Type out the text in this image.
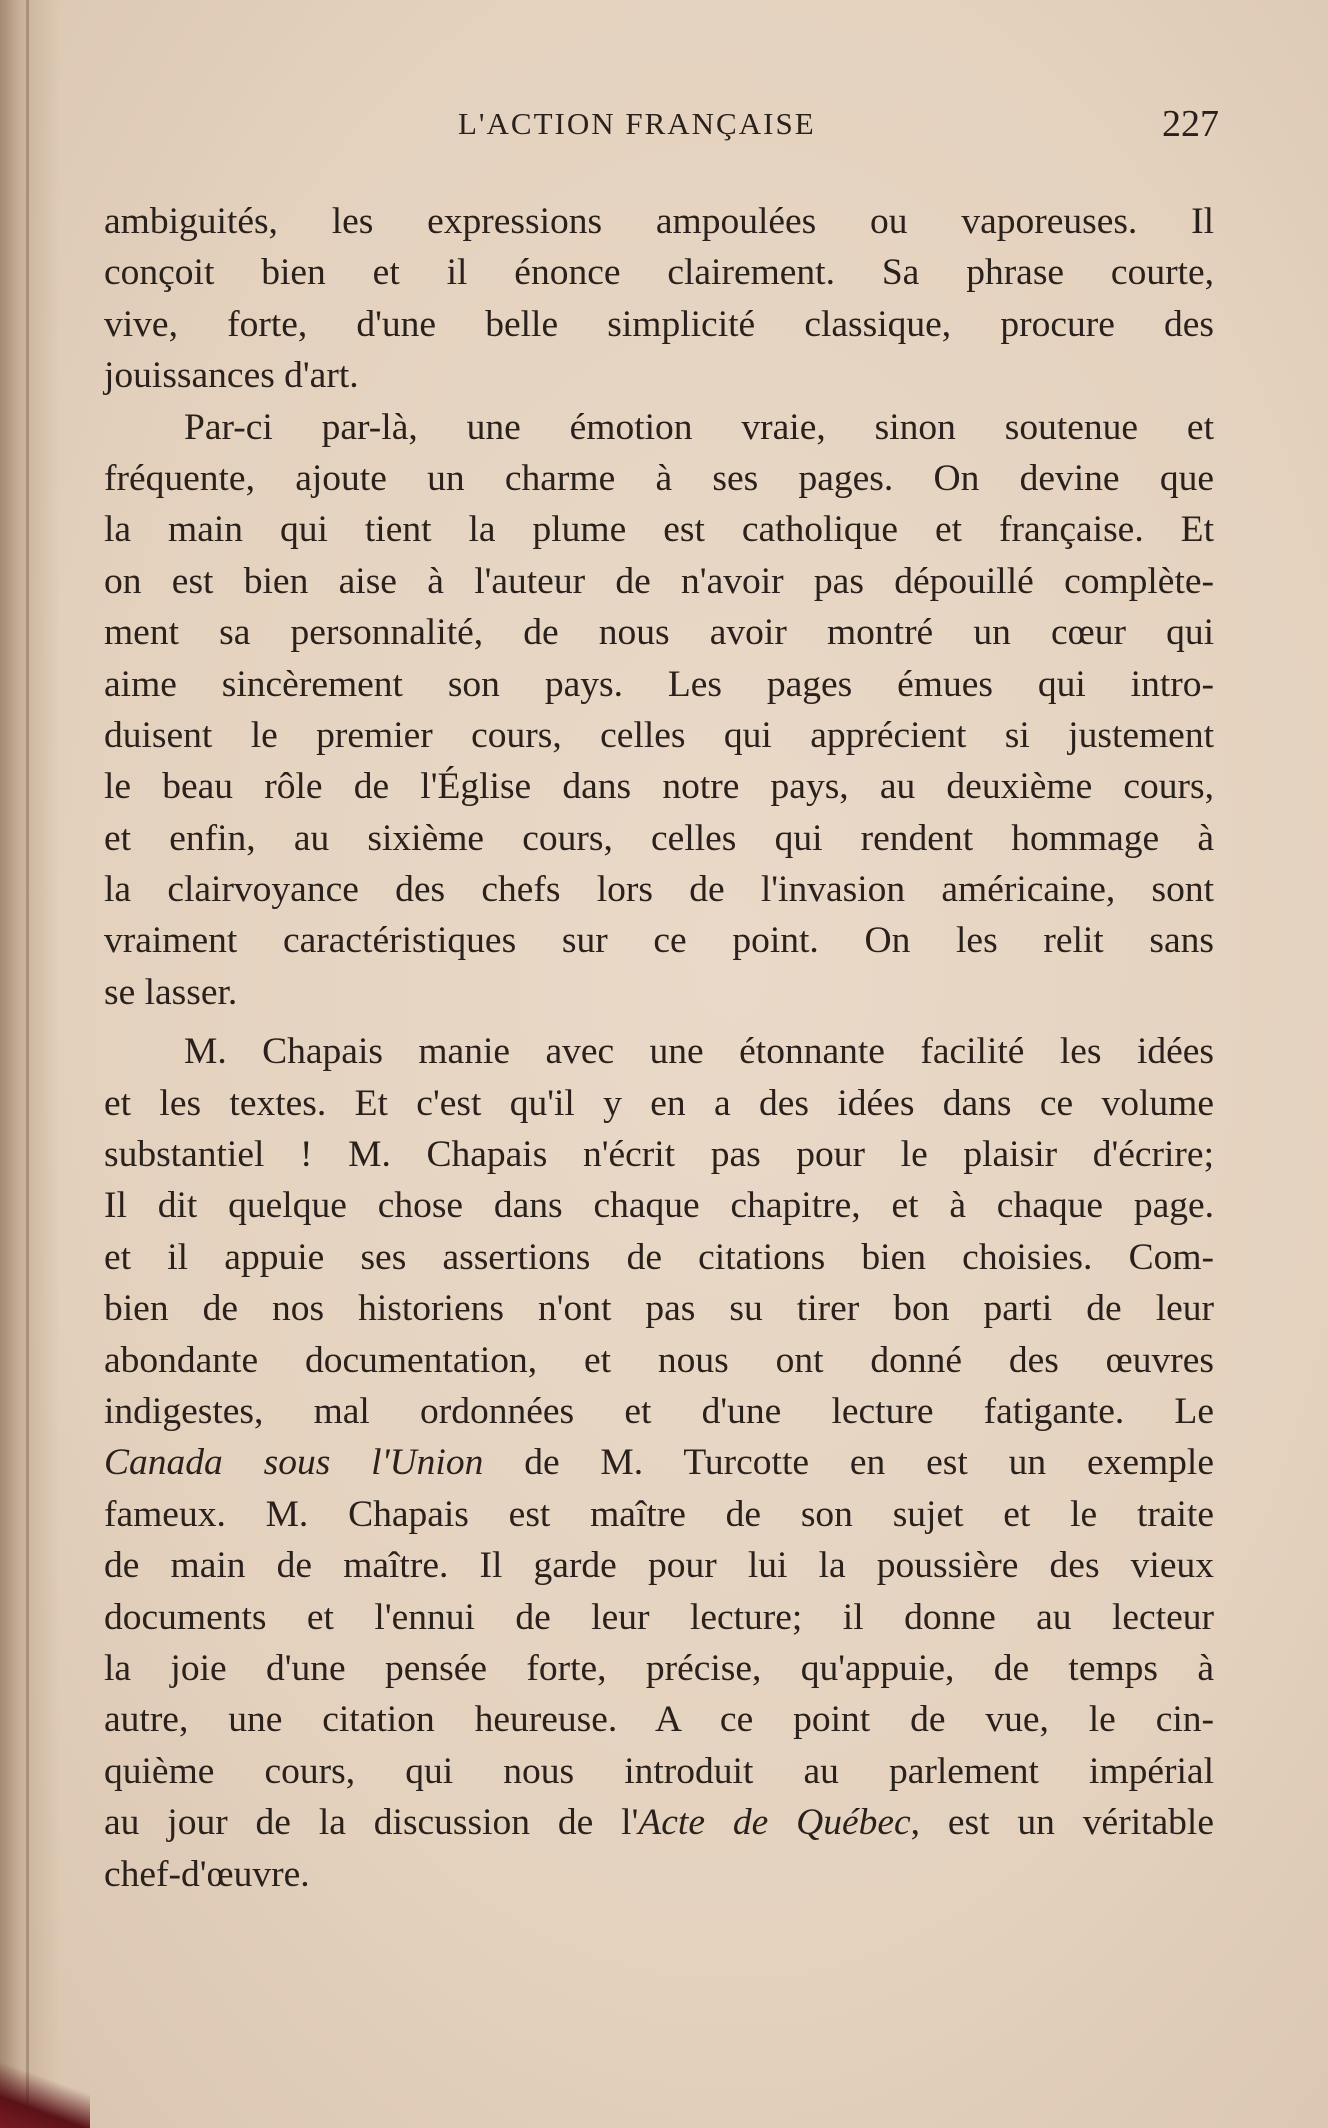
L'ACTION FRANÇAISE	227
ambiguités, les expressions ampoulées ou vaporeuses. Il
conçoit bien et il énonce clairement. Sa phrase courte,
vive, forte, d'une belle simplicité classique, procure des
jouissances d'art.
Par-ci par-là, une émotion vraie, sinon soutenue et
fréquente, ajoute un charme à ses pages. On devine que
la main qui tient la plume est catholique et française. Et
on est bien aise à l'auteur de n'avoir pas dépouillé complète-
ment sa personnalité, de nous avoir montré un cœur qui
aime sincèrement son pays. Les pages émues qui intro-
duisent le premier cours, celles qui apprécient si justement
le beau rôle de l'Église dans notre pays, au deuxième cours,
et enfin, au sixième cours, celles qui rendent hommage à
la clairvoyance des chefs lors de l'invasion américaine, sont
vraiment caractéristiques sur ce point. On les relit sans
se lasser.
M. Chapais manie avec une étonnante facilité les idées
et les textes. Et c'est qu'il y en a des idées dans ce volume
substantiel ! M. Chapais n'écrit pas pour le plaisir d'écrire;
Il dit quelque chose dans chaque chapitre, et à chaque page.
et il appuie ses assertions de citations bien choisies. Com-
bien de nos historiens n'ont pas su tirer bon parti de leur
abondante documentation, et nous ont donné des œuvres
indigestes, mal ordonnées et d'une lecture fatigante. Le
Canada sous l'Union de M. Turcotte en est un exemple
fameux. M. Chapais est maître de son sujet et le traite
de main de maître. Il garde pour lui la poussière des vieux
documents et l'ennui de leur lecture; il donne au lecteur
la joie d'une pensée forte, précise, qu'appuie, de temps à
autre, une citation heureuse. A ce point de vue, le cin-
quième cours, qui nous introduit au parlement impérial
au jour de la discussion de l'Acte de Québec, est un véritable
chef-d'œuvre.
